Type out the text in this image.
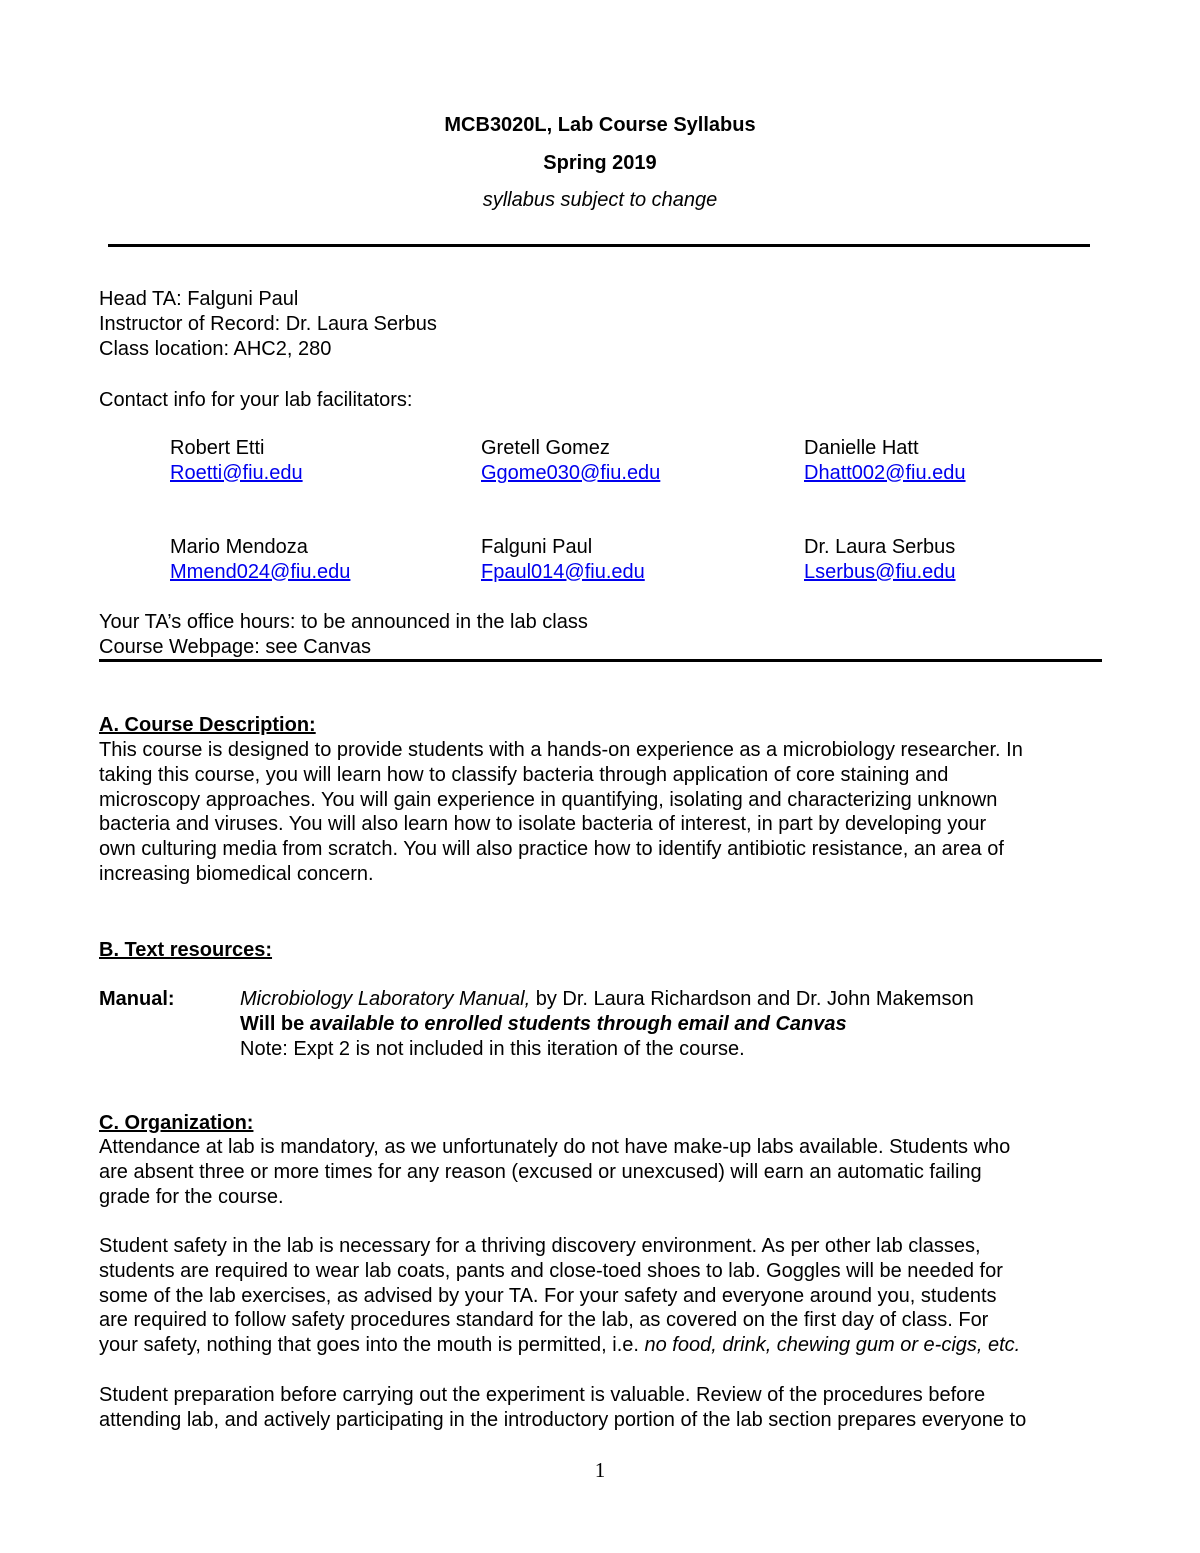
MCB3020L, Lab Course Syllabus
Spring 2019
syllabus subject to change
Head TA: Falguni Paul
Instructor of Record: Dr. Laura Serbus
Class location: AHC2, 280
Contact info for your lab facilitators:
Robert Etti
Roetti@fiu.edu
Gretell Gomez
Ggome030@fiu.edu
Danielle Hatt
Dhatt002@fiu.edu
Mario Mendoza
Mmend024@fiu.edu
Falguni Paul
Fpaul014@fiu.edu
Dr. Laura Serbus
Lserbus@fiu.edu
Your TA’s office hours: to be announced in the lab class
Course Webpage: see Canvas
A. Course Description:
This course is designed to provide students with a hands-on experience as a microbiology researcher. In
taking this course, you will learn how to classify bacteria through application of core staining and
microscopy approaches. You will gain experience in quantifying, isolating and characterizing unknown
bacteria and viruses. You will also learn how to isolate bacteria of interest, in part by developing your
own culturing media from scratch. You will also practice how to identify antibiotic resistance, an area of
increasing biomedical concern.
B. Text resources:
Manual:	Microbiology Laboratory Manual, by Dr. Laura Richardson and Dr. John Makemson
Will be available to enrolled students through email and Canvas
Note: Expt 2 is not included in this iteration of the course.
C. Organization:
Attendance at lab is mandatory, as we unfortunately do not have make-up labs available. Students who
are absent three or more times for any reason (excused or unexcused) will earn an automatic failing
grade for the course.
Student safety in the lab is necessary for a thriving discovery environment. As per other lab classes,
students are required to wear lab coats, pants and close-toed shoes to lab. Goggles will be needed for
some of the lab exercises, as advised by your TA. For your safety and everyone around you, students
are required to follow safety procedures standard for the lab, as covered on the first day of class. For
your safety, nothing that goes into the mouth is permitted, i.e. no food, drink, chewing gum or e-cigs, etc.
Student preparation before carrying out the experiment is valuable. Review of the procedures before
attending lab, and actively participating in the introductory portion of the lab section prepares everyone to
1
